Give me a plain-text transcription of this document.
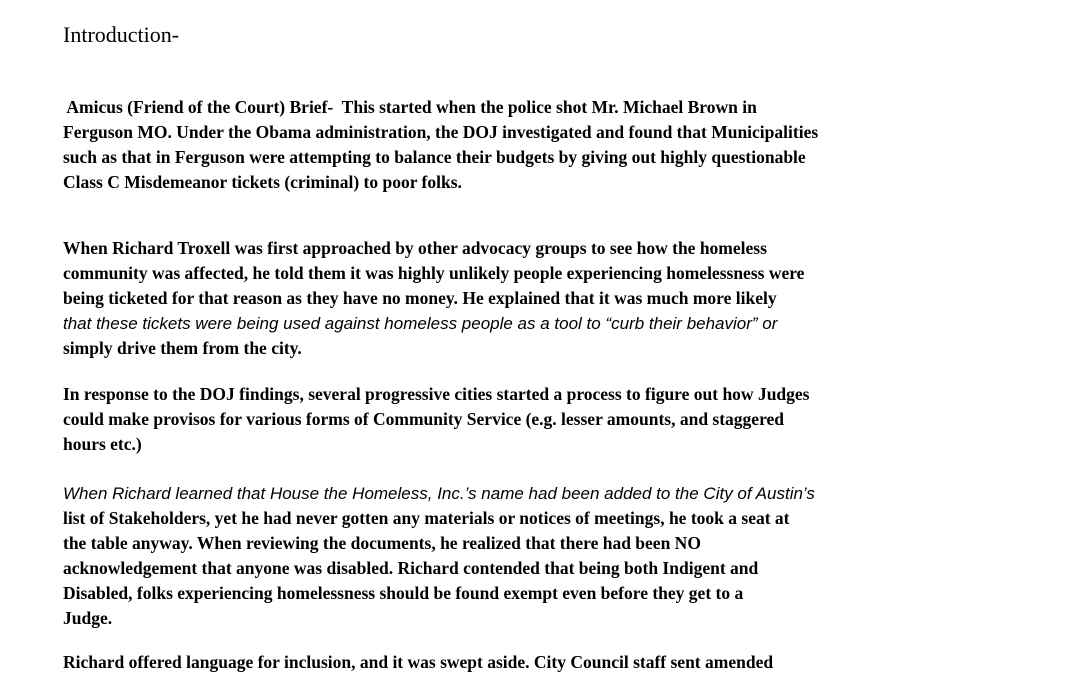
Introduction-

Amicus (Friend of the Court) Brief-  This started when the police shot Mr. Michael Brown in
Ferguson MO. Under the Obama administration, the DOJ investigated and found that Municipalities
such as that in Ferguson were attempting to balance their budgets by giving out highly questionable
Class C Misdemeanor tickets (criminal) to poor folks.

When Richard Troxell was first approached by other advocacy groups to see how the homeless
community was affected, he told them it was highly unlikely people experiencing homelessness were
being ticketed for that reason as they have no money. He explained that it was much more likely
that these tickets were being used against homeless people as a tool to “curb their behavior” or
simply drive them from the city.

In response to the DOJ findings, several progressive cities started a process to figure out how Judges
could make provisos for various forms of Community Service (e.g. lesser amounts, and staggered
hours etc.)

When Richard learned that House the Homeless, Inc.’s name had been added to the City of Austin’s
list of Stakeholders, yet he had never gotten any materials or notices of meetings, he took a seat at
the table anyway. When reviewing the documents, he realized that there had been NO
acknowledgement that anyone was disabled. Richard contended that being both Indigent and
Disabled, folks experiencing homelessness should be found exempt even before they get to a
Judge.

Richard offered language for inclusion, and it was swept aside. City Council staff sent amended
